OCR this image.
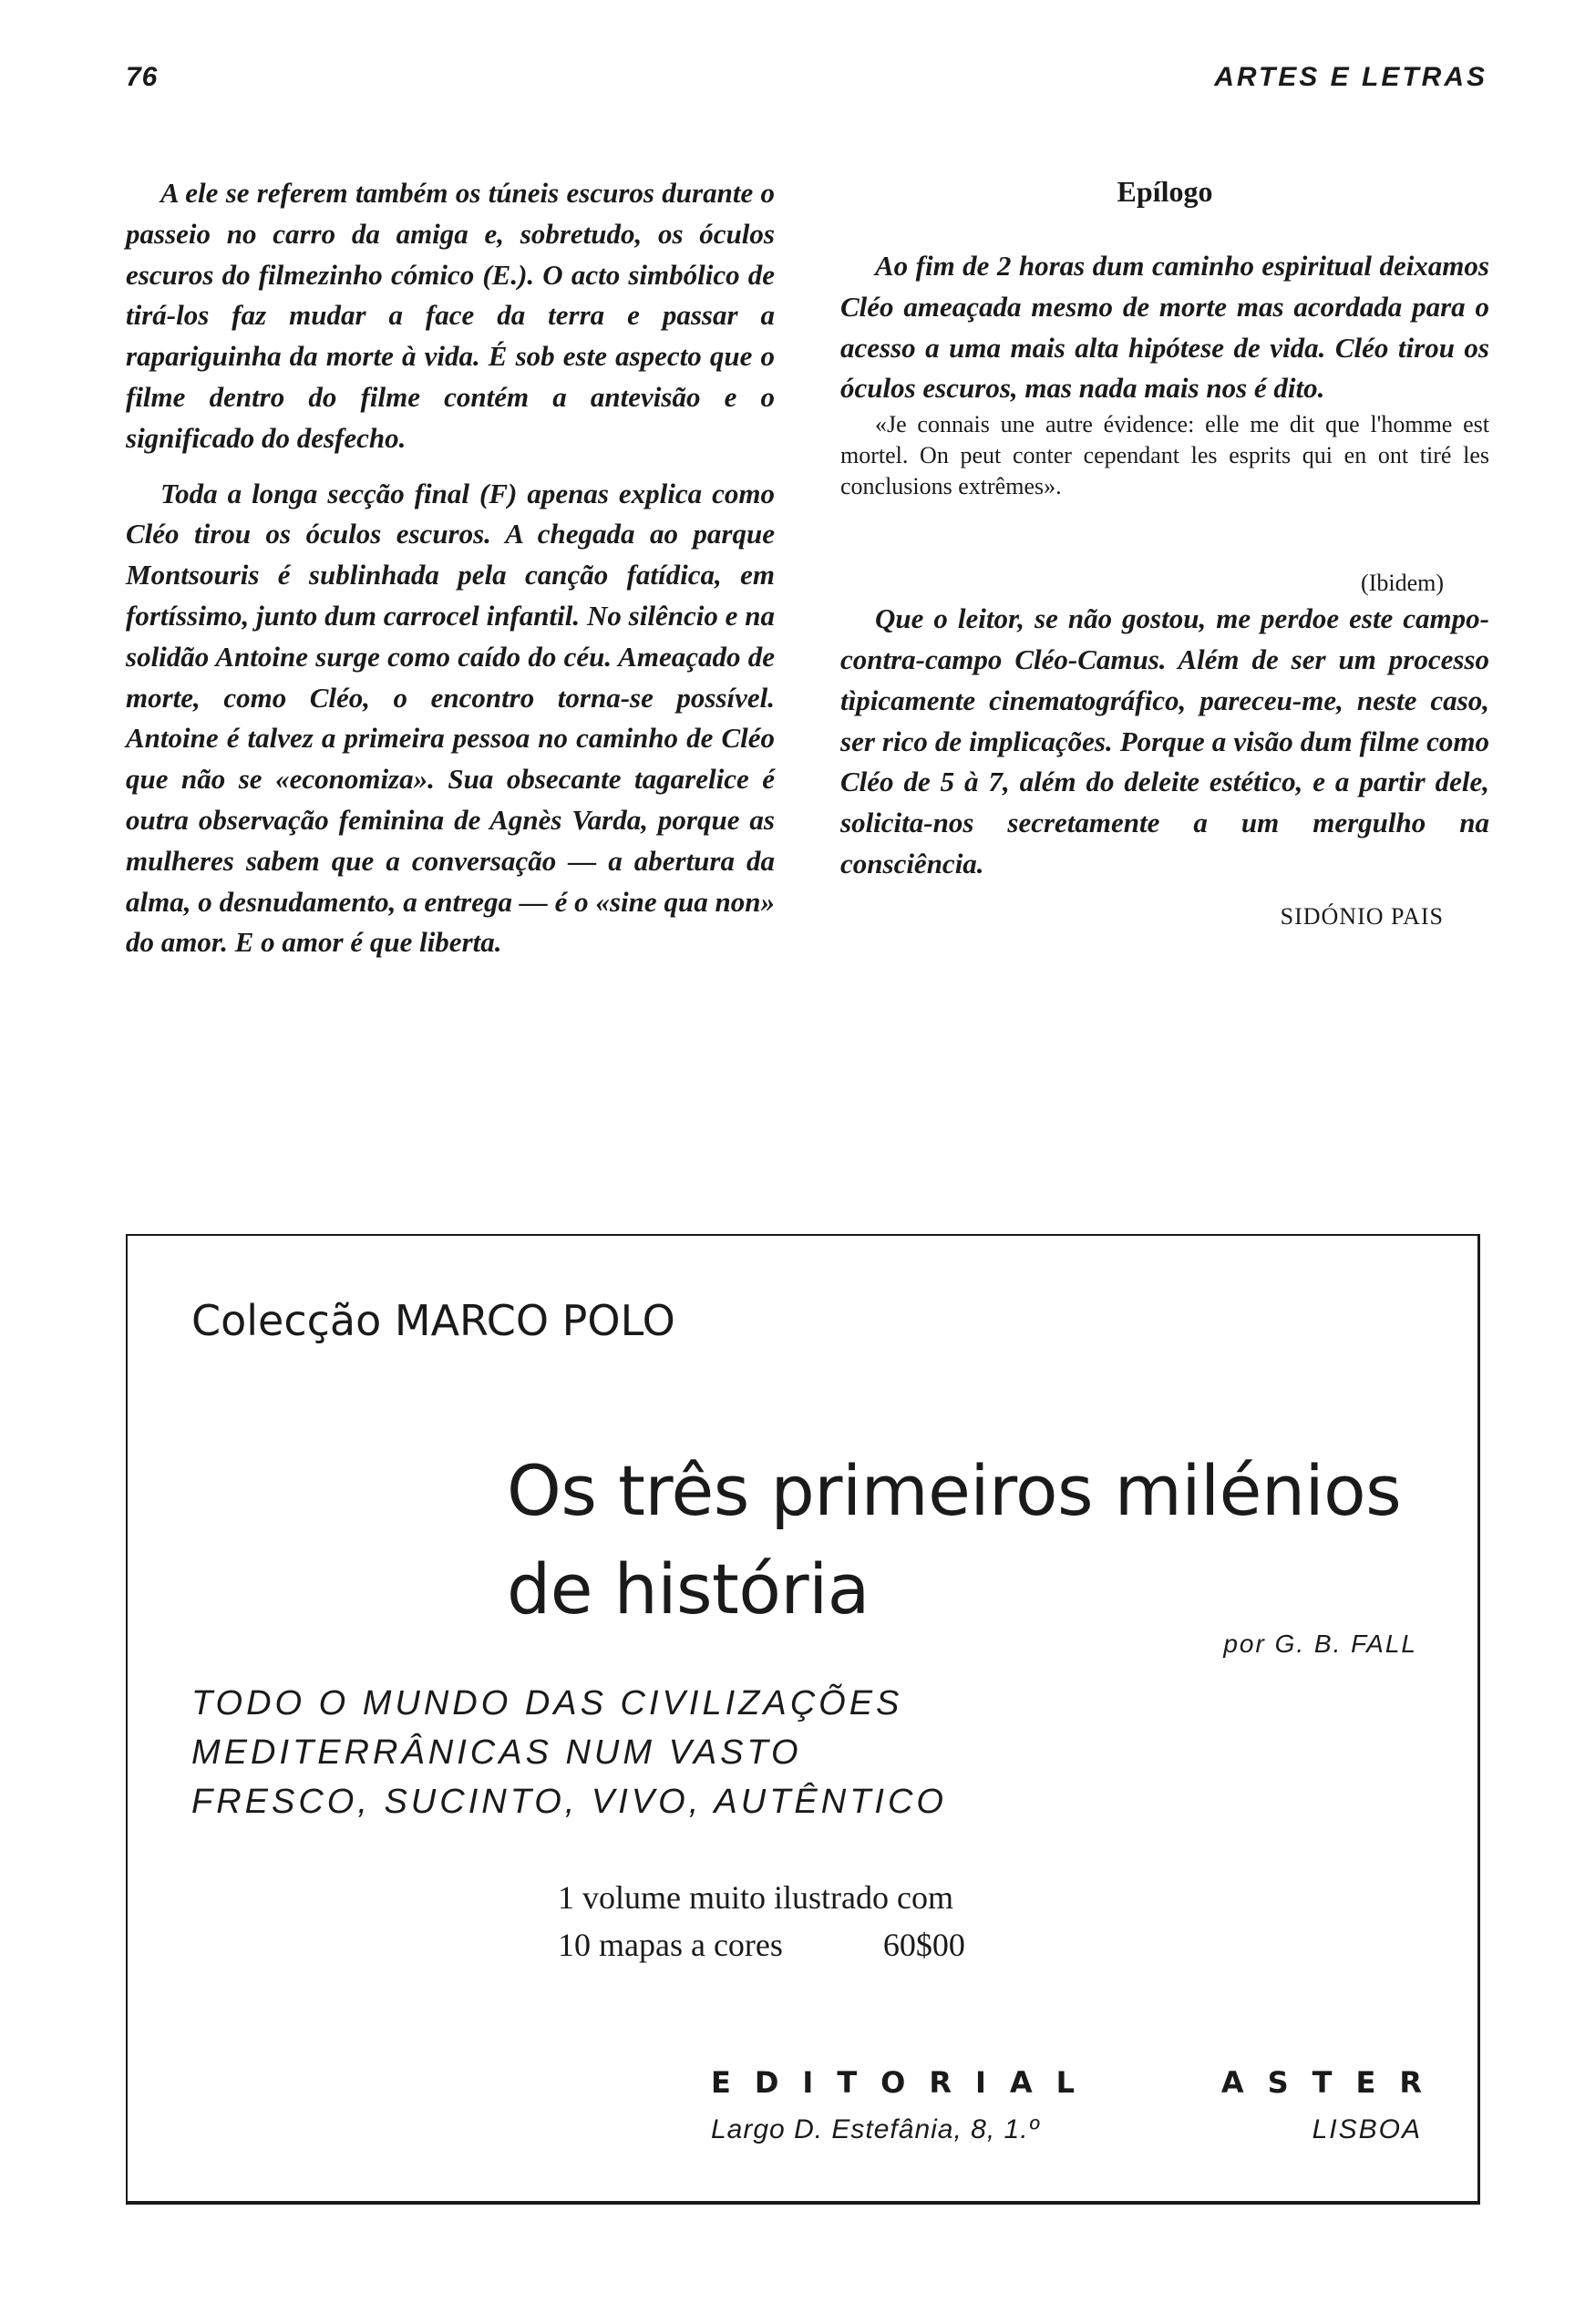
76	ARTES E LETRAS

A ele se referem também os túneis escuros durante o passeio no carro da amiga e, sobretudo, os óculos escuros do filmezinho cómico (E.). O acto simbólico de tirá-los faz mudar a face da terra e passar a rapariguinha da morte à vida. É sob este aspecto que o filme dentro do filme contém a antevisão e o significado do desfecho.

Toda a longa secção final (F) apenas explica como Cléo tirou os óculos escuros. A chegada ao parque Montsouris é sublinhada pela canção fatídica, em fortíssimo, junto dum carrocel infantil. No silêncio e na solidão Antoine surge como caído do céu. Ameaçado de morte, como Cléo, o encontro torna-se possível. Antoine é talvez a primeira pessoa no caminho de Cléo que não se «economiza». Sua obsecante tagarelice é outra observação feminina de Agnès Varda, porque as mulheres sabem que a conversação — a abertura da alma, o desnudamento, a entrega — é o «sine qua non» do amor. E o amor é que liberta.

Epílogo

Ao fim de 2 horas dum caminho espiritual deixamos Cléo ameaçada mesmo de morte mas acordada para o acesso a uma mais alta hipótese de vida. Cléo tirou os óculos escuros, mas nada mais nos é dito.

«Je connais une autre évidence: elle me dit que l'homme est mortel. On peut conter cependant les esprits qui en ont tiré les conclusions extrêmes».

(Ibidem)

Que o leitor, se não gostou, me perdoe este campo-contra-campo Cléo-Camus. Além de ser um processo tìpicamente cinematográfico, pareceu-me, neste caso, ser rico de implicações. Porque a visão dum filme como Cléo de 5 à 7, além do deleite estético, e a partir dele, solicita-nos secretamente a um mergulho na consciência.

SIDÓNIO PAIS
Colecção MARCO POLO
Os três primeiros milénios
de história
por G. B. FALL
TODO O MUNDO DAS CIVILIZAÇÕES
MEDITERRÂNICAS NUM VASTO
FRESCO, SUCINTO, VIVO, AUTÊNTICO
1 volume muito ilustrado com
10 mapas a cores	60$00
EDITORIAL	ASTER
Largo D. Estefânia, 8, 1.º	LISBOA
